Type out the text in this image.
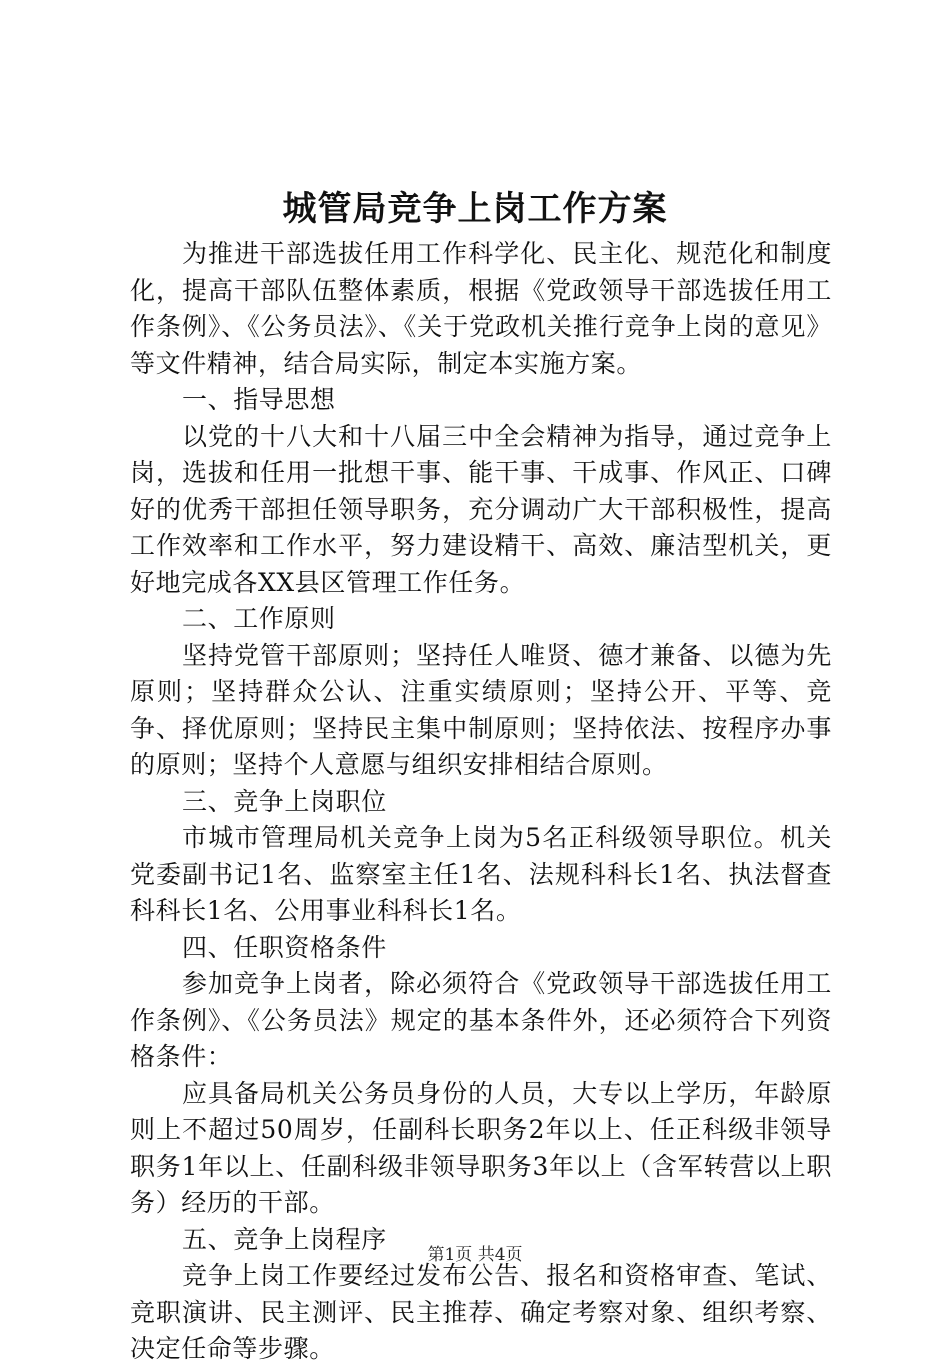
城管局竞争上岗工作方案

为推进干部选拔任用工作科学化、民主化、规范化和制度化，提高干部队伍整体素质，根据《党政领导干部选拔任用工作条例》、《公务员法》、《关于党政机关推行竞争上岗的意见》等文件精神，结合局实际，制定本实施方案。

一、指导思想

以党的十八大和十八届三中全会精神为指导，通过竞争上岗，选拔和任用一批想干事、能干事、干成事、作风正、口碑好的优秀干部担任领导职务，充分调动广大干部积极性，提高工作效率和工作水平，努力建设精干、高效、廉洁型机关，更好地完成各XX县区管理工作任务。

二、工作原则

坚持党管干部原则；坚持任人唯贤、德才兼备、以德为先原则；坚持群众公认、注重实绩原则；坚持公开、平等、竞争、择优原则；坚持民主集中制原则；坚持依法、按程序办事的原则；坚持个人意愿与组织安排相结合原则。

三、竞争上岗职位

市城市管理局机关竞争上岗为5名正科级领导职位。机关党委副书记1名、监察室主任1名、法规科科长1名、执法督查科科长1名、公用事业科科长1名。

四、任职资格条件

参加竞争上岗者，除必须符合《党政领导干部选拔任用工作条例》、《公务员法》规定的基本条件外，还必须符合下列资格条件：

应具备局机关公务员身份的人员，大专以上学历，年龄原则上不超过50周岁，任副科长职务2年以上、任正科级非领导职务1年以上、任副科级非领导职务3年以上（含军转营以上职务）经历的干部。

五、竞争上岗程序

竞争上岗工作要经过发布公告、报名和资格审查、笔试、竞职演讲、民主测评、民主推荐、确定考察对象、组织考察、决定任命等步骤。

第1页 共4页
